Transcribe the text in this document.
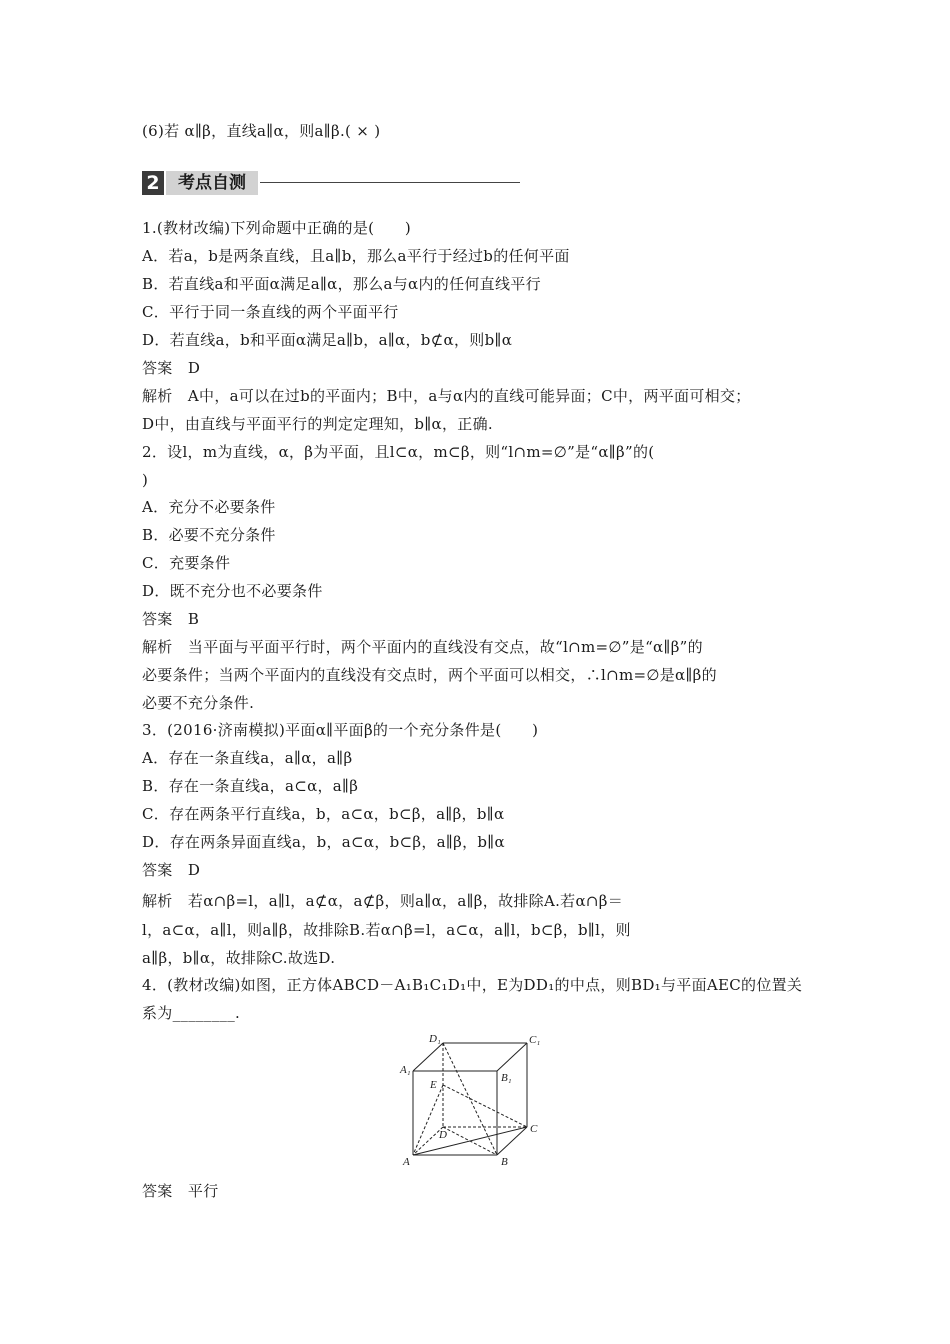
(6)若 α∥β，直线a∥α，则a∥β.( × )
2 考点自测
1.(教材改编)下列命题中正确的是(　　)
A．若a，b是两条直线，且a∥b，那么a平行于经过b的任何平面
B．若直线a和平面α满足a∥α，那么a与α内的任何直线平行
C．平行于同一条直线的两个平面平行
D．若直线a，b和平面α满足a∥b，a∥α，b⊄α，则b∥α
答案　D
解析　A中，a可以在过b的平面内；B中，a与α内的直线可能异面；C中，两平面可相交；
D中，由直线与平面平行的判定定理知，b∥α，正确.
2．设l，m为直线，α，β为平面，且l⊂α，m⊂β，则“l∩m=∅”是“α∥β”的(
)
A．充分不必要条件
B．必要不充分条件
C．充要条件
D．既不充分也不必要条件
答案　B
解析　当平面与平面平行时，两个平面内的直线没有交点，故“l∩m=∅”是“α∥β”的
必要条件；当两个平面内的直线没有交点时，两个平面可以相交，∴l∩m=∅是α∥β的
必要不充分条件.
3．(2016·济南模拟)平面α∥平面β的一个充分条件是(　　)
A．存在一条直线a，a∥α，a∥β
B．存在一条直线a，a⊂α，a∥β
C．存在两条平行直线a，b，a⊂α，b⊂β，a∥β，b∥α
D．存在两条异面直线a，b，a⊂α，b⊂β，a∥β，b∥α
答案　D
解析　若α∩β=l，a∥l，a⊄α，a⊄β，则a∥α，a∥β，故排除A.若α∩β＝
l，a⊂α，a∥l，则a∥β，故排除B.若α∩β=l，a⊂α，a∥l，b⊂β，b∥l，则
a∥β，b∥α，故排除C.故选D.
4．(教材改编)如图，正方体ABCD－A₁B₁C₁D₁中，E为DD₁的中点，则BD₁与平面AEC的位置关
系为________.
A	B
C
D
A₁
B₁
C₁
D₁
E
答案　平行
